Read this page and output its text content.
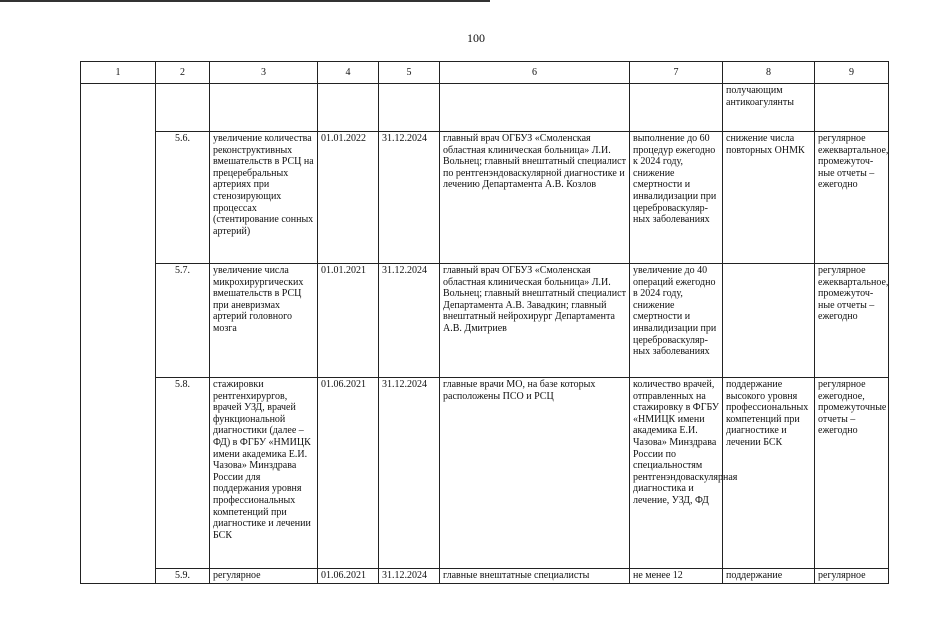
100
1	2	3	4	5	6	7	8	9
							получающим антикоагулянты	
	5.6.	увеличение количества реконструктивных вмешательств в РСЦ на прецеребральных артериях при стенозирующих процессах (стентирование сонных артерий)	01.01.2022	31.12.2024	главный врач ОГБУЗ «Смоленская областная клиническая больница» Л.И. Вольнец; главный внештатный специалист по рентгенэндоваскулярной диагностике и лечению Департамента А.В. Козлов	выполнение до 60 процедур ежегодно к 2024 году, снижение смертности и инвалидизации при цереброваскуляр- ных заболеваниях	снижение числа повторных ОНМК	регулярное ежеквартальное, промежуточ- ные отчеты – ежегодно
	5.7.	увеличение числа микрохирургических вмешательств в РСЦ при аневризмах артерий головного мозга	01.01.2021	31.12.2024	главный врач ОГБУЗ «Смоленская областная клиническая больница» Л.И. Вольнец; главный внештатный специалист Департамента А.В. Завадкин; главный внештатный нейрохирург Департамента А.В. Дмитриев	увеличение до 40 операций ежегодно в 2024 году, снижение смертности и инвалидизации при цереброваскуляр- ных заболеваниях		регулярное ежеквартальное, промежуточ- ные отчеты – ежегодно
	5.8.	стажировки рентгенхирургов, врачей УЗД, врачей функциональной диагностики (далее – ФД) в ФГБУ «НМИЦК имени академика Е.И. Чазова» Минздрава России для поддержания уровня профессиональных компетенций при диагностике и лечении БСК	01.06.2021	31.12.2024	главные врачи МО, на базе которых расположены ПСО и РСЦ	количество врачей, отправленных на стажировку в ФГБУ «НМИЦК имени академика Е.И. Чазова» Минздрава России по специальностям рентгенэндоваскулярная диагностика и лечение, УЗД, ФД	поддержание высокого уровня профессиональных компетенций при диагностике и лечении БСК	регулярное ежегодное, промежуточные отчеты – ежегодно
	5.9.	регулярное	01.06.2021	31.12.2024	главные внештатные специалисты	не менее 12	поддержание	регулярное
